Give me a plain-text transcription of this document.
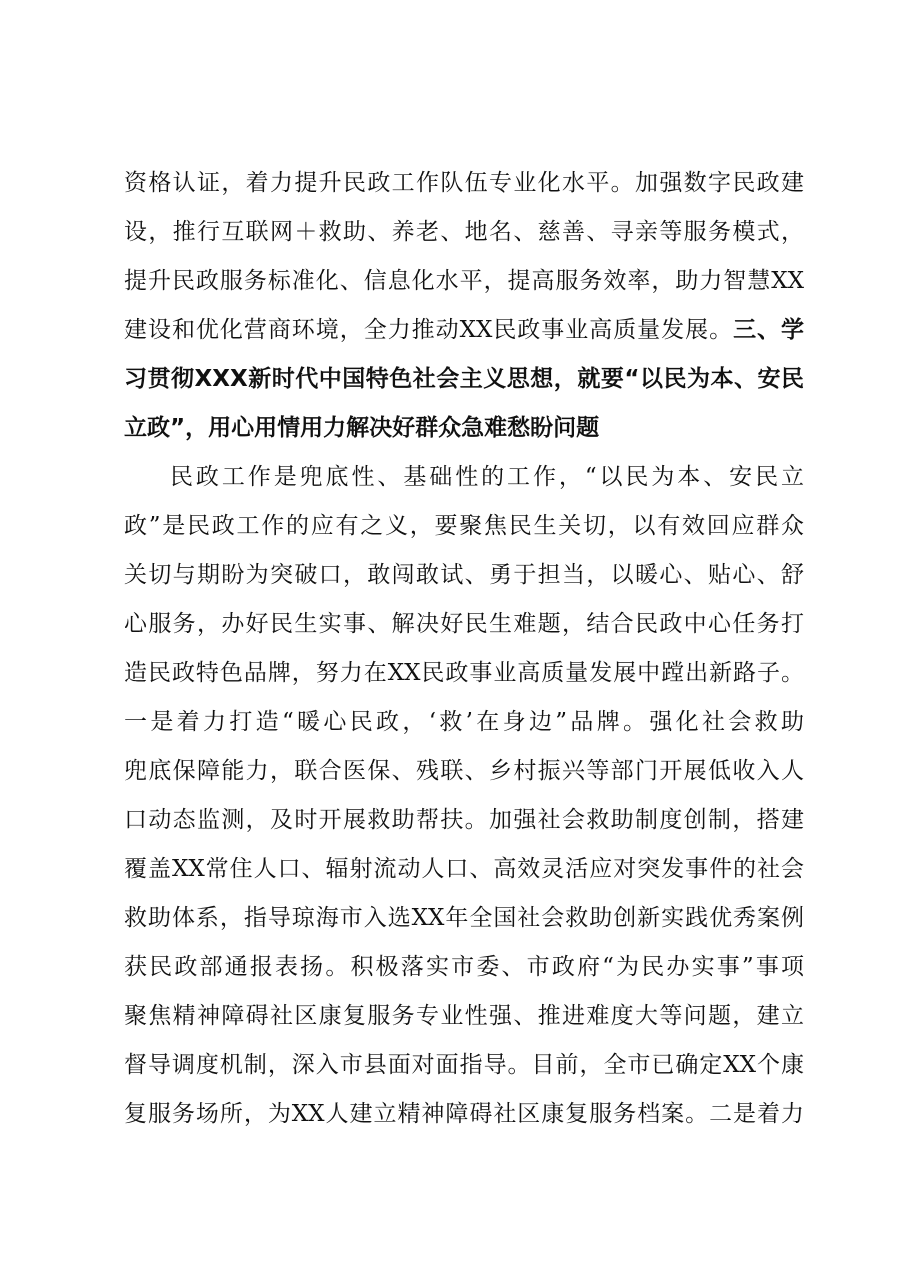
资格认证，着力提升民政工作队伍专业化水平。加强数字民政建
设，推行互联网＋救助、养老、地名、慈善、寻亲等服务模式，
提升民政服务标准化、信息化水平，提高服务效率，助力智慧XX
建设和优化营商环境，全力推动XX民政事业高质量发展。三、学
习贯彻XXX新时代中国特色社会主义思想，就要“以民为本、安民
立政”，用心用情用力解决好群众急难愁盼问题
民政工作是兜底性、基础性的工作，“以民为本、安民立
政”是民政工作的应有之义，要聚焦民生关切，以有效回应群众
关切与期盼为突破口，敢闯敢试、勇于担当，以暖心、贴心、舒
心服务，办好民生实事、解决好民生难题，结合民政中心任务打
造民政特色品牌，努力在XX民政事业高质量发展中蹚出新路子。
一是着力打造“暖心民政，‘救’在身边”品牌。强化社会救助
兜底保障能力，联合医保、残联、乡村振兴等部门开展低收入人
口动态监测，及时开展救助帮扶。加强社会救助制度创制，搭建
覆盖XX常住人口、辐射流动人口、高效灵活应对突发事件的社会
救助体系，指导琼海市入选XX年全国社会救助创新实践优秀案例
获民政部通报表扬。积极落实市委、市政府“为民办实事”事项
聚焦精神障碍社区康复服务专业性强、推进难度大等问题，建立
督导调度机制，深入市县面对面指导。目前，全市已确定XX个康
复服务场所，为XX人建立精神障碍社区康复服务档案。二是着力
